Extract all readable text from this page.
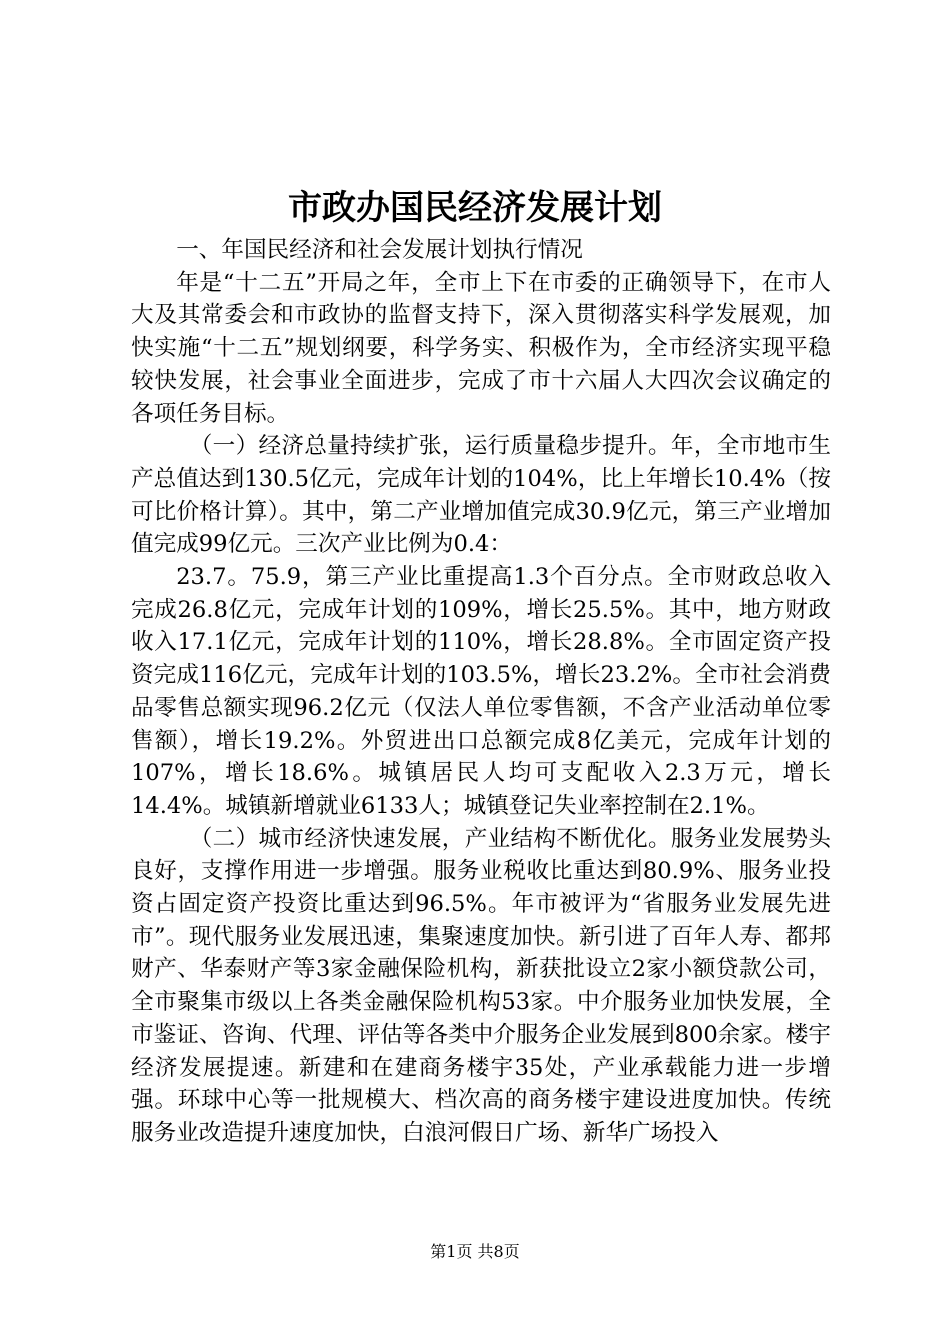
市政办国民经济发展计划

一、年国民经济和社会发展计划执行情况

年是“十二五”开局之年，全市上下在市委的正确领导下，在市人大及其常委会和市政协的监督支持下，深入贯彻落实科学发展观，加快实施“十二五”规划纲要，科学务实、积极作为，全市经济实现平稳较快发展，社会事业全面进步，完成了市十六届人大四次会议确定的各项任务目标。

（一）经济总量持续扩张，运行质量稳步提升。年，全市地市生产总值达到130.5亿元，完成年计划的104%，比上年增长10.4%（按可比价格计算）。其中，第二产业增加值完成30.9亿元，第三产业增加值完成99亿元。三次产业比例为0.4：

23.7。75.9，第三产业比重提高1.3个百分点。全市财政总收入完成26.8亿元，完成年计划的109%，增长25.5%。其中，地方财政收入17.1亿元，完成年计划的110%，增长28.8%。全市固定资产投资完成116亿元，完成年计划的103.5%，增长23.2%。全市社会消费品零售总额实现96.2亿元（仅法人单位零售额，不含产业活动单位零售额），增长19.2%。外贸进出口总额完成8亿美元，完成年计划的107%，增长18.6%。城镇居民人均可支配收入2.3万元，增长14.4%。城镇新增就业6133人；城镇登记失业率控制在2.1%。

（二）城市经济快速发展，产业结构不断优化。服务业发展势头良好，支撑作用进一步增强。服务业税收比重达到80.9%、服务业投资占固定资产投资比重达到96.5%。年市被评为“省服务业发展先进市”。现代服务业发展迅速，集聚速度加快。新引进了百年人寿、都邦财产、华泰财产等3家金融保险机构，新获批设立2家小额贷款公司，全市聚集市级以上各类金融保险机构53家。中介服务业加快发展，全市鉴证、咨询、代理、评估等各类中介服务企业发展到800余家。楼宇经济发展提速。新建和在建商务楼宇35处，产业承载能力进一步增强。环球中心等一批规模大、档次高的商务楼宇建设进度加快。传统服务业改造提升速度加快，白浪河假日广场、新华广场投入

第1页 共8页
